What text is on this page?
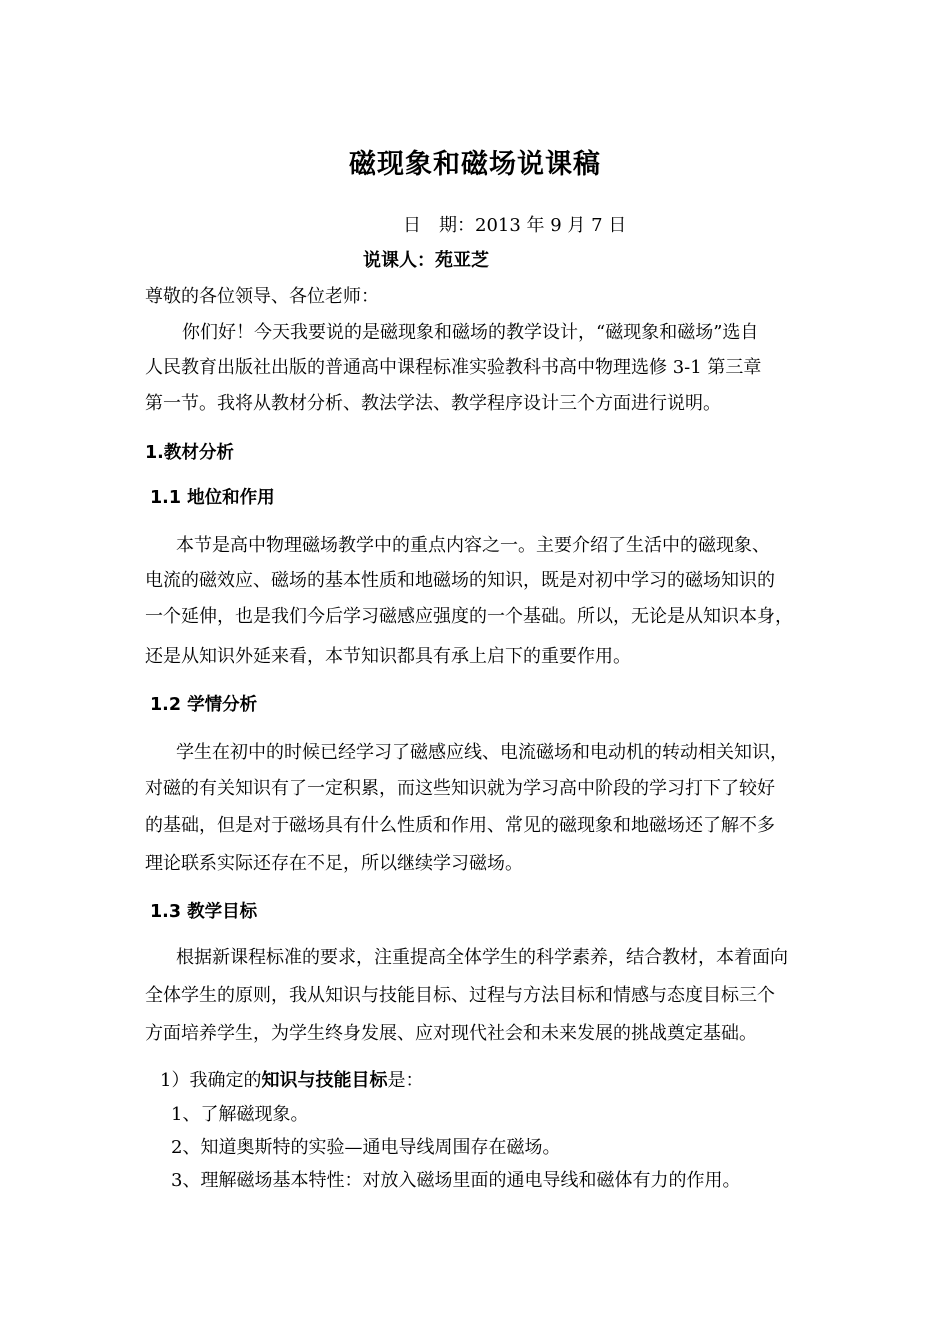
磁现象和磁场说课稿
日　期：2013 年 9 月 7 日
说课人：苑亚芝
尊敬的各位领导、各位老师：
你们好！今天我要说的是磁现象和磁场的教学设计，“磁现象和磁场”选自
人民教育出版社出版的普通高中课程标准实验教科书高中物理选修 3-1 第三章
第一节。我将从教材分析、教法学法、教学程序设计三个方面进行说明。
1.教材分析
1.1 地位和作用
本节是高中物理磁场教学中的重点内容之一。主要介绍了生活中的磁现象、
电流的磁效应、磁场的基本性质和地磁场的知识，既是对初中学习的磁场知识的
一个延伸，也是我们今后学习磁感应强度的一个基础。所以，无论是从知识本身，
还是从知识外延来看，本节知识都具有承上启下的重要作用。
1.2 学情分析
学生在初中的时候已经学习了磁感应线、电流磁场和电动机的转动相关知识，
对磁的有关知识有了一定积累，而这些知识就为学习高中阶段的学习打下了较好
的基础，但是对于磁场具有什么性质和作用、常见的磁现象和地磁场还了解不多
理论联系实际还存在不足，所以继续学习磁场。
1.3 教学目标
根据新课程标准的要求，注重提高全体学生的科学素养，结合教材，本着面向
全体学生的原则，我从知识与技能目标、过程与方法目标和情感与态度目标三个
方面培养学生，为学生终身发展、应对现代社会和未来发展的挑战奠定基础。
1）我确定的知识与技能目标是：
1、了解磁现象。
2、知道奥斯特的实验—通电导线周围存在磁场。
3、理解磁场基本特性：对放入磁场里面的通电导线和磁体有力的作用。
